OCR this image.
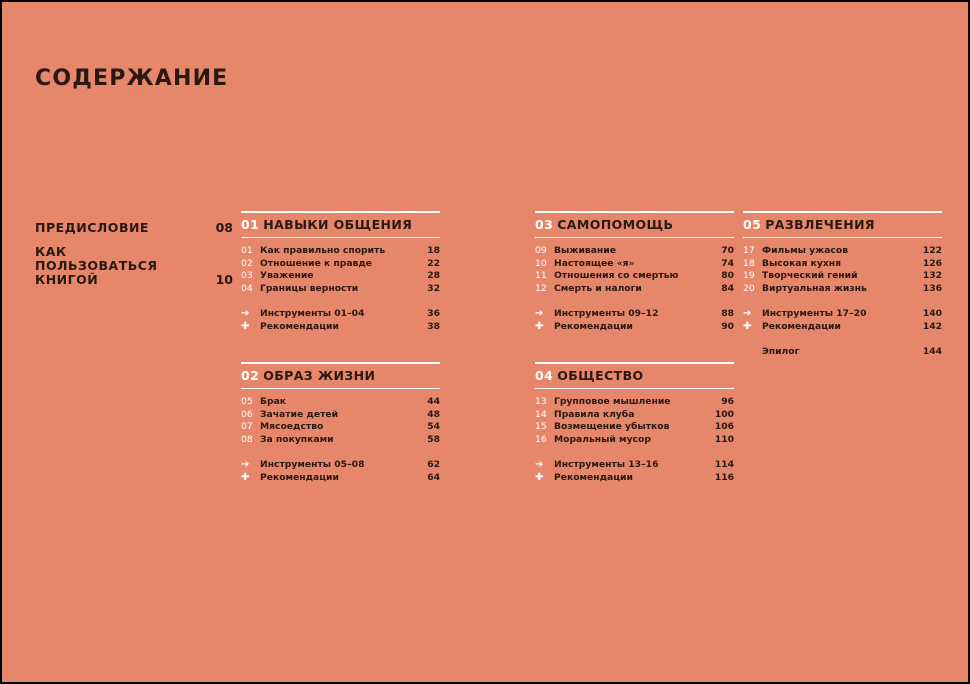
СОДЕРЖАНИЕ
ПРЕДИСЛОВИЕ	08
КАК ПОЛЬЗОВАТЬСЯ КНИГОЙ	10
01 НАВЫКИ ОБЩЕНИЯ
01 Как правильно спорить	18
02 Отношение к правде	22
03 Уважение	28
04 Границы верности	32
➔	Инструменты 01–04	36
✚	Рекомендации	38
02 ОБРАЗ ЖИЗНИ
05 Брак	44
06 Зачатие детей	48
07 Мясоедство	54
08 За покупками	58
➔	Инструменты 05–08	62
✚	Рекомендации	64
03 САМОПОМОЩЬ
09 Выживание	70
10 Настоящее «я»	74
11 Отношения со смертью	80
12 Смерть и налоги	84
➔	Инструменты 09–12	88
✚	Рекомендации	90
04 ОБЩЕСТВО
13 Групповое мышление	96
14 Правила клуба	100
15 Возмещение убытков	106
16 Моральный мусор	110
➔	Инструменты 13–16	114
✚	Рекомендации	116
05 РАЗВЛЕЧЕНИЯ
17 Фильмы ужасов	122
18 Высокая кухня	126
19 Творческий гений	132
20 Виртуальная жизнь	136
➔	Инструменты 17–20	140
✚	Рекомендации	142
Эпилог	144
